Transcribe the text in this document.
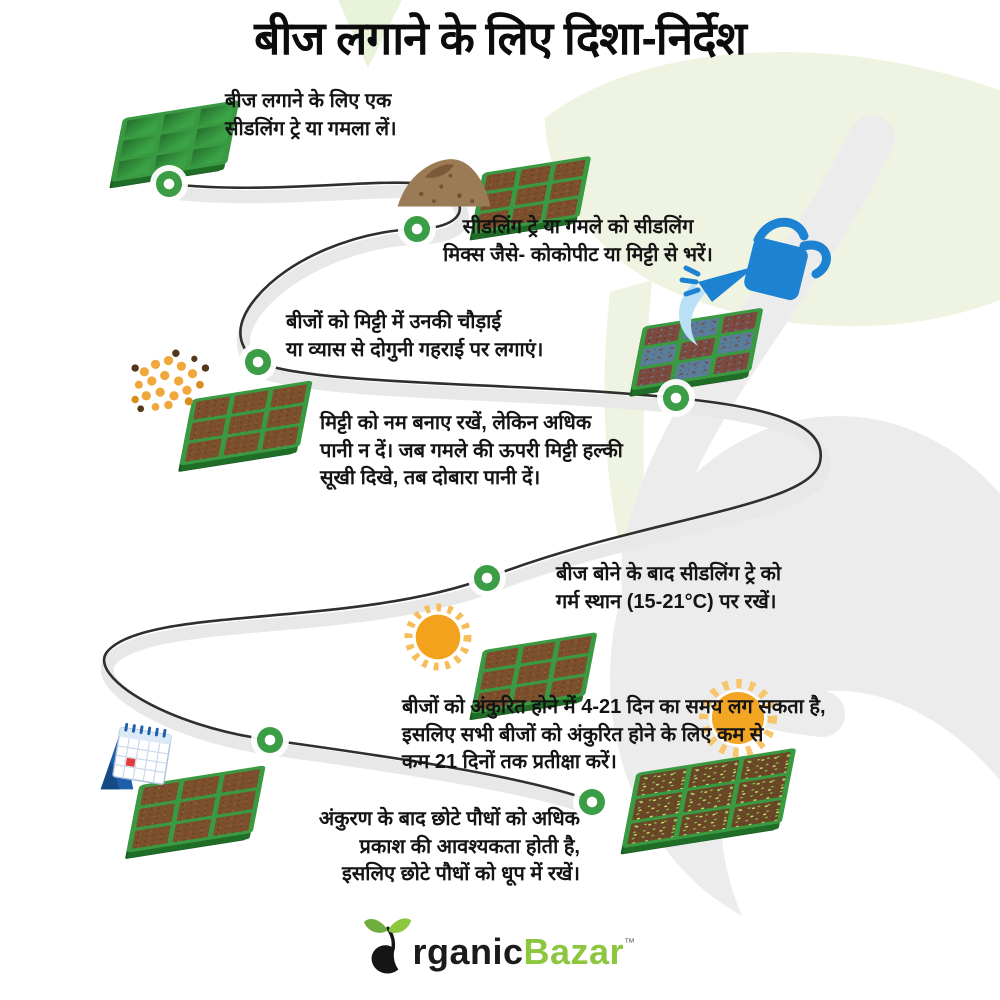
बीज लगाने के लिए दिशा-निर्देश
बीज लगाने के लिए एक
सीडलिंग ट्रे या गमला लें।
सीडलिंग ट्रे या गमले को सीडलिंग
मिक्स जैसे- कोकोपीट या मिट्टी से भरें।
बीजों को मिट्टी में उनकी चौड़ाई
या व्यास से दोगुनी गहराई पर लगाएं।
मिट्टी को नम बनाए रखें, लेकिन अधिक
पानी न दें। जब गमले की ऊपरी मिट्टी हल्की
सूखी दिखे, तब दोबारा पानी दें।
बीज बोने के बाद सीडलिंग ट्रे को
गर्म स्थान (15-21°C) पर रखें।
बीजों को अंकुरित होने में 4-21 दिन का समय लग सकता है,
इसलिए सभी बीजों को अंकुरित होने के लिए कम से
कम 21 दिनों तक प्रतीक्षा करें।
अंकुरण के बाद छोटे पौधों को अधिक
प्रकाश की आवश्यकता होती है,
इसलिए छोटे पौधों को धूप में रखें।
rganicBazar™
